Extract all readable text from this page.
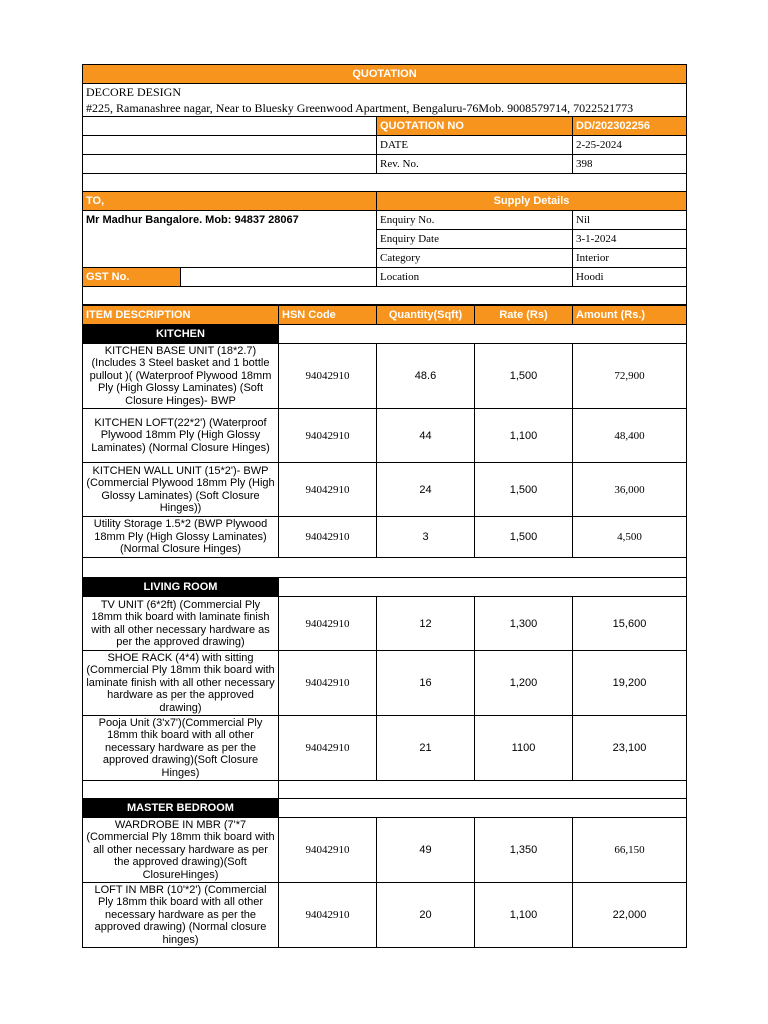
QUOTATION			
DECORE DESIGN			
#225, Ramanashree nagar, Near to Bluesky Greenwood Apartment, Bengaluru-76Mob. 9008579714, 7022521773			
		QUOTATION NO	DD/202302256
		DATE	2-25-2024
		Rev. No.	398

TO,		Supply Details	
Mr Madhur Bangalore. Mob: 94837 28067		Enquiry No.	Nil
		Enquiry Date	3-1-2024
		Category	Interior
GST No.		Location	Hoodi

ITEM DESCRIPTION	HSN Code	Quantity(Sqft)	Rate (Rs)	Amount (Rs.)
KITCHEN				
KITCHEN BASE UNIT (18*2.7) (Includes 3 Steel basket and 1 bottle pullout )( (Waterproof Plywood 18mm Ply (High Glossy Laminates) (Soft Closure Hinges)- BWP	94042910	48.6	1,500	72,900
KITCHEN LOFT(22*2') (Waterproof Plywood 18mm Ply (High Glossy Laminates) (Normal Closure Hinges)	94042910	44	1,100	48,400
KITCHEN WALL UNIT (15*2')- BWP (Commercial Plywood 18mm Ply (High Glossy Laminates) (Soft Closure Hinges))	94042910	24	1,500	36,000
Utility Storage 1.5*2 (BWP Plywood 18mm Ply (High Glossy Laminates) (Normal Closure Hinges)	94042910	3	1,500	4,500

LIVING ROOM				
TV UNIT (6*2ft) (Commercial Ply 18mm thik board with laminate finish with all other necessary hardware as per the approved drawing)	94042910	12	1,300	15,600
SHOE RACK (4*4) with sitting (Commercial Ply 18mm thik board with laminate finish with all other necessary hardware as per the approved drawing)	94042910	16	1,200	19,200
Pooja Unit (3'x7')(Commercial Ply 18mm thik board with all other necessary hardware as per the approved drawing)(Soft Closure Hinges)	94042910	21	1100	23,100

MASTER BEDROOM				
WARDROBE IN MBR (7'*7 (Commercial Ply 18mm thik board with all other necessary hardware as per the approved drawing)(Soft ClosureHinges)	94042910	49	1,350	66,150
LOFT IN MBR (10'*2') (Commercial Ply 18mm thik board with all other necessary hardware as per the approved drawing) (Normal closure hinges)	94042910	20	1,100	22,000
